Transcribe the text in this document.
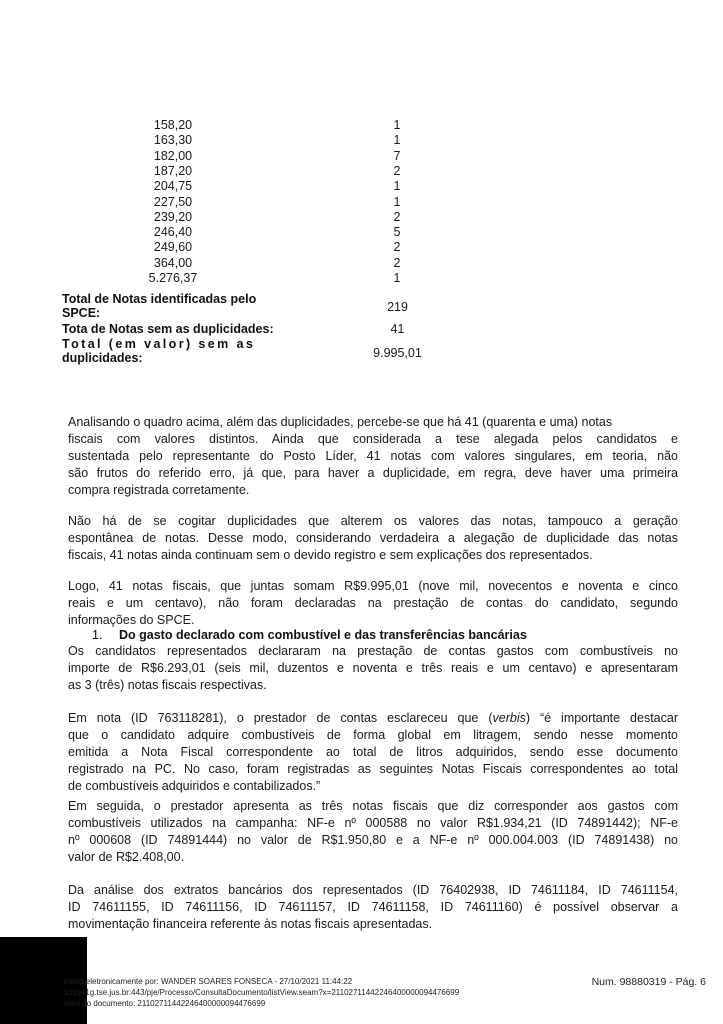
158,20	1
163,30	1
182,00	7
187,20	2
204,75	1
227,50	1
239,20	2
246,40	5
249,60	2
364,00	2
5.276,37	1
Total de Notas identificadas pelo
SPCE:	219
Tota de Notas sem as duplicidades:	41
Total (em valor) sem as
duplicidades:	9.995,01
Analisando o quadro acima, além das duplicidades, percebe-se que há 41 (quarenta e uma) notas
fiscais com valores distintos. Ainda que considerada a tese alegada pelos candidatos e
sustentada pelo representante do Posto Líder, 41 notas com valores singulares, em teoria, não
são frutos do referido erro, já que, para haver a duplicidade, em regra, deve haver uma primeira
compra registrada corretamente.
Não há de se cogitar duplicidades que alterem os valores das notas, tampouco a geração
espontânea de notas. Desse modo, considerando verdadeira a alegação de duplicidade das notas
fiscais, 41 notas ainda continuam sem o devido registro e sem explicações dos representados.
Logo, 41 notas fiscais, que juntas somam R$9.995,01 (nove mil, novecentos e noventa e cinco
reais e um centavo), não foram declaradas na prestação de contas do candidato, segundo
informações do SPCE.
1. Do gasto declarado com combustível e das transferências bancárias
Os candidatos representados declararam na prestação de contas gastos com combustíveis no
importe de R$6.293,01 (seis mil, duzentos e noventa e três reais e um centavo) e apresentaram
as 3 (três) notas fiscais respectivas.
Em nota (ID 763118281), o prestador de contas esclareceu que (verbis) “é importante destacar
que o candidato adquire combustíveis de forma global em litragem, sendo nesse momento
emitida a Nota Fiscal correspondente ao total de litros adquiridos, sendo esse documento
registrado na PC. No caso, foram registradas as seguintes Notas Fiscais correspondentes ao total
de combustíveis adquiridos e contabilizados.”
Em seguida, o prestador apresenta as três notas fiscais que diz corresponder aos gastos com
combustíveis utilizados na campanha: NF-e nº 000588 no valor R$1.934,21 (ID 74891442); NF-e
nº 000608 (ID 74891444) no valor de R$1.950,80 e a NF-e nº 000.004.003 (ID 74891438) no
valor de R$2.408,00.
Da análise dos extratos bancários dos representados (ID 76402938, ID 74611184, ID 74611154,
ID 74611155, ID 74611156, ID 74611157, ID 74611158, ID 74611160) é possível observar a
movimentação financeira referente às notas fiscais apresentadas.
inado eletronicamente por: WANDER SOARES FONSECA - 27/10/2021 11:44:22
s://pje1g.tse.jus.br:443/pje/Processo/ConsultaDocumento/listView.seam?x=21102711442246400000094476699
nero do documento: 21102711442246400000094476699
Num. 98880319 - Pág. 6
